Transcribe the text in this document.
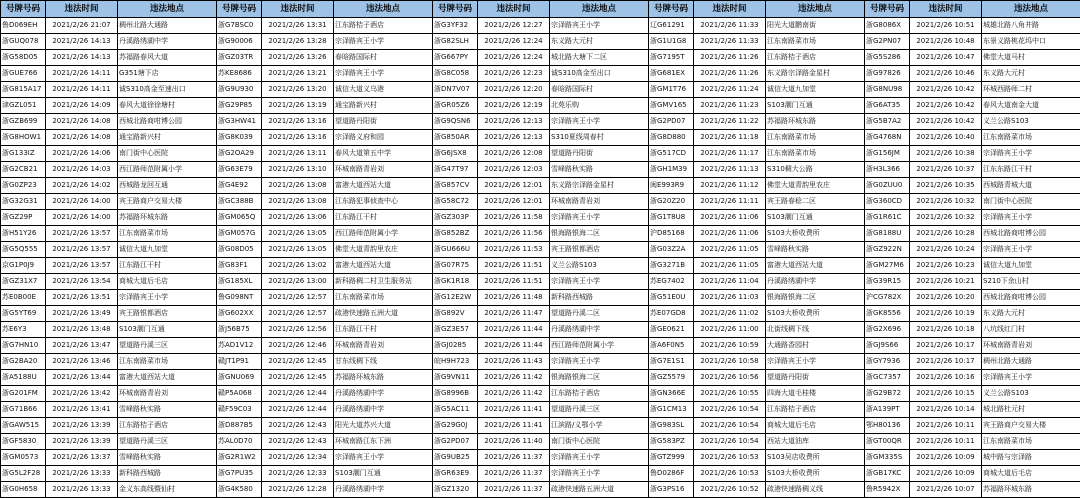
号牌号码	违法时间	违法地点	号牌号码	违法时间	违法地点	号牌号码	违法时间	违法地点	号牌号码	违法时间	违法地点	号牌号码	违法时间	违法地点
鲁D069EH	2021/2/26 21:07	稠州北路大通路	浙G7BSC0	2021/2/26 13:31	江东路桔子酒店	浙G3YF32	2021/2/26 12:27	宗泽路宾王小学	辽G61291	2021/2/26 11:33	阳光大道鹏南街	浙G8086X	2021/2/26 10:51	城雄北路八角井路
浙GUQ078	2021/2/26 14:13	丹溪路绣湖中学	浙G90006	2021/2/26 13:28	宗泽路宾王小学	浙G82SLH	2021/2/26 12:24	东义路大元村	浙G1U1G8	2021/2/26 11:33	江东南路菜市场	浙G2PN07	2021/2/26 10:48	东景义路桃花坞中口
浙G58D05	2021/2/26 14:13	苏福路春风大道	浙GZ03TR	2021/2/26 13:26	春晗路国际村	浙G667PY	2021/2/26 12:24	城北路大塘下二区	浙G7195T	2021/2/26 11:26	江东路桔子酒店	浙G5S286	2021/2/26 10:47	佛堂大道马村
浙GUE766	2021/2/26 14:11	G351塘下店	苏KE8686	2021/2/26 13:21	宗泽路宾王小学	浙G8C058	2021/2/26 12:23	诚S310高金至出口	浙G681EX	2021/2/26 11:26	东义路宗泽路金星村	浙G97826	2021/2/26 10:46	东义路大元村
浙G815A17	2021/2/26 14:11	诚S310高金至速出口	浙G9U930	2021/2/26 13:20	诚信大道义乌港	浙DN7V07	2021/2/26 12:20	春晗路国际村	浙GM1T76	2021/2/26 11:24	诚信大道九加堂	浙G8NU98	2021/2/26 10:42	环城西路师二村
津GZL051	2021/2/26 14:09	春风大道徐徐塘村	浙G29P85	2021/2/26 13:19	通宝路新兴村	浙GR05Z6	2021/2/26 12:19	北苑乐购	浙GMV165	2021/2/26 11:23	S103潮门互通	浙G6AT35	2021/2/26 10:42	春风大道南金大道
浙GZB699	2021/2/26 14:08	西城北路商咁博公园	浙G3HW41	2021/2/26 13:16	望道路丹阳街	浙G9QSN6	2021/2/26 12:13	宗泽路宾王小学	浙G2PD07	2021/2/26 11:22	苏福路环城东路	浙G5B7A2	2021/2/26 10:42	义兰公路S103
浙G8HOW1	2021/2/26 14:08	通宝路新兴村	浙G8K039	2021/2/26 13:16	宗泽路义府和园	浙G850AR	2021/2/26 12:13	S310夏线周春村	浙G8D880	2021/2/26 11:18	江东南路菜市场	浙G4768N	2021/2/26 10:40	江东南路菜市场
浙G133IZ	2021/2/26 14:06	南门街中心医院	浙G2OA29	2021/2/26 13:11	春风大道第五中学	浙G6JSX8	2021/2/26 12:08	望道路丹阳街	浙G517CD	2021/2/26 11:17	江东南路菜市场	浙G156JM	2021/2/26 10:38	宗泽路宾王小学
浙G2CB21	2021/2/26 14:03	西江路师范附属小学	浙G63E79	2021/2/26 13:10	环城南路青岩刘	浙G47T97	2021/2/26 12:03	雪峰路秋实路	浙GH1M39	2021/2/26 11:13	S310稠大公路	浙H3L366	2021/2/26 10:37	江东东路江干村
浙G0ZP23	2021/2/26 14:02	西城路龙回互通	浙G4E92	2021/2/26 13:08	富港大道西站大道	浙G857CV	2021/2/26 12:01	东义路宗泽路金星村	闽E993R9	2021/2/26 11:12	佛堂大道青韵里农庄	浙G0ZUU0	2021/2/26 10:35	西城路青城大道
浙G32G31	2021/2/26 14:00	宾王路商户交易大楼	浙GC388B	2021/2/26 13:08	江东路犯事侦查中心	浙G58C72	2021/2/26 12:01	环城南路青岩刘	浙G20Z20	2021/2/26 11:11	宾王路春稔二区	浙G360CD	2021/2/26 10:32	南门街中心医院
浙GZ29P	2021/2/26 14:00	苏福路环城东路	浙GM065Q	2021/2/26 13:06	江东路江干村	浙GZ303P	2021/2/26 11:58	宗泽路宾王小学	浙G1T8U8	2021/2/26 11:06	S103潮门互通	浙G1R61C	2021/2/26 10:32	宗泽路宾王小学
浙H51Y26	2021/2/26 13:57	江东南路菜市场	浙GM057G	2021/2/26 13:05	西江路师范附属小学	浙G852BZ	2021/2/26 11:56	银海路银海二区	沪D85168	2021/2/26 11:06	S103大桥收费所	浙G8188U	2021/2/26 10:28	西城北路商咁博公园
浙G5Q555	2021/2/26 13:57	诚信大道九加堂	浙G08D05	2021/2/26 13:05	佛堂大道青韵里农庄	浙GU666U	2021/2/26 11:53	宾王路银都酒店	浙G03Z2A	2021/2/26 11:05	雪峰路秋实路	浙GZ922N	2021/2/26 10:24	宗泽路宾王小学
京G1P0J9	2021/2/26 13:57	江东路江干村	浙G83F1	2021/2/26 13:02	富港大道西站大道	浙G07R75	2021/2/26 11:51	义兰公路S103	浙G3271B	2021/2/26 11:05	富港大道西站大道	浙GM27M6	2021/2/26 10:23	诚信大道九加堂
浙GZ31X7	2021/2/26 13:54	商城大道后毛店	浙G185XL	2021/2/26 13:00	新科路稠二村卫生服务站	浙GK1R18	2021/2/26 11:51	宗泽路宾王小学	苏EG7402	2021/2/26 11:04	丹溪路绣湖中学	浙G39R15	2021/2/26 10:21	S210下余山村
苏E0B00E	2021/2/26 13:51	宗泽路宾王小学	鲁G098NT	2021/2/26 12:57	江东南路菜市场	浙G12E2W	2021/2/26 11:48	新科路西城路	浙G51E0U	2021/2/26 11:03	银海路银海二区	沪CG782X	2021/2/26 10:20	西城北路商咁博公园
浙G5YT69	2021/2/26 13:49	宾王路银都酒店	浙G602XX	2021/2/26 12:57	疏港快速路五洲大道	浙G892V	2021/2/26 11:47	望道路丹溪二区	苏E07GD8	2021/2/26 11:02	S103大桥收费所	浙GK8556	2021/2/26 10:19	东义路大元村
苏E6Y3	2021/2/26 13:48	S103潮门互通	浙J56B75	2021/2/26 12:56	江东路江干村	浙GZ3E57	2021/2/26 11:44	丹溪路绣湖中学	浙GE0621	2021/2/26 11:00	北街线稠下线	浙G2X696	2021/2/26 10:18	八坑线红门村
浙G7HN10	2021/2/26 13:47	望道路丹溪三区	苏AD1V12	2021/2/26 12:46	环城南路青岩刘	浙GJ0285	2021/2/26 11:44	西江路师范附属小学	浙A6F0N5	2021/2/26 10:59	大通路香园村	浙GJ9S66	2021/2/26 10:17	环城南路青岩刘
浙G2BA20	2021/2/26 13:46	江东南路菜市场	赣JT1P91	2021/2/26 12:45	甘东线稠下线	皖H9H723	2021/2/26 11:43	宗泽路宾王小学	浙G7E1S1	2021/2/26 10:58	宗泽路宾王小学	浙GY7936	2021/2/26 10:17	稠州北路大通路
浙A5188U	2021/2/26 13:44	富港大道西站大道	浙GNU069	2021/2/26 12:45	苏福路环城东路	浙G9VN11	2021/2/26 11:42	银海路银海二区	浙GZ5579	2021/2/26 10:56	望道路丹阳街	浙GC7357	2021/2/26 10:16	宗泽路宾王小学
浙G201FM	2021/2/26 13:42	环城南路青岩刘	赣P5A068	2021/2/26 12:44	丹溪路绣湖中学	浙G8996B	2021/2/26 11:42	江东路桔子酒店	浙GN366E	2021/2/26 10:55	四海大道毛桂楼	浙G29B72	2021/2/26 10:15	义兰公路S103
浙G71B66	2021/2/26 13:41	雪峰路秋实路	赣F59C03	2021/2/26 12:44	丹溪路绣湖中学	浙G5AC11	2021/2/26 11:41	望道路丹溪三区	浙G1CM13	2021/2/26 10:54	江东路桔子酒店	浙A139PT	2021/2/26 10:14	城北路杜元村
浙GAW515	2021/2/26 13:39	江东路桔子酒店	浙D887B5	2021/2/26 12:43	阳光大道苏兴大道	浙G29G0J	2021/2/26 11:41	江滨路/义鄂小学	浙G983SL	2021/2/26 10:54	商城大道后毛店	鄂H80136	2021/2/26 10:11	宾王路商户交易大楼
浙GF5830	2021/2/26 13:39	望道路丹溪三区	苏AL0D70	2021/2/26 12:43	环城南路江东下洲	浙G2PD07	2021/2/26 11:40	南门街中心医院	浙G583PZ	2021/2/26 10:54	西站大道油库	浙GT00QR	2021/2/26 10:11	江东南路菜市场
浙GM0573	2021/2/26 13:37	雪峰路秋实路	浙G2R1W2	2021/2/26 12:34	宗泽路宾王小学	浙G9UB25	2021/2/26 11:37	宗泽路宾王小学	浙GTZ999	2021/2/26 10:53	S103吴店收费所	浙GM335S	2021/2/26 10:09	城中路与宗泽路
浙G5L2F28	2021/2/26 13:33	新科路西城路	浙G7PU35	2021/2/26 12:33	S103潮门互通	浙GR63E9	2021/2/26 11:37	宗泽路宾王小学	鲁D0286F	2021/2/26 10:53	S103大桥收费所	浙GB17KC	2021/2/26 10:09	商城大道后毛店
浙G0H658	2021/2/26 13:33	金义东高线暨仙村	浙G4K580	2021/2/26 12:28	丹溪路绣湖中学	浙GZ1320	2021/2/26 11:37	疏港快速路五洲大道	浙G3PS16	2021/2/26 10:52	疏港快速路稠义线	鲁R5942X	2021/2/26 10:07	苏福路环城东路
